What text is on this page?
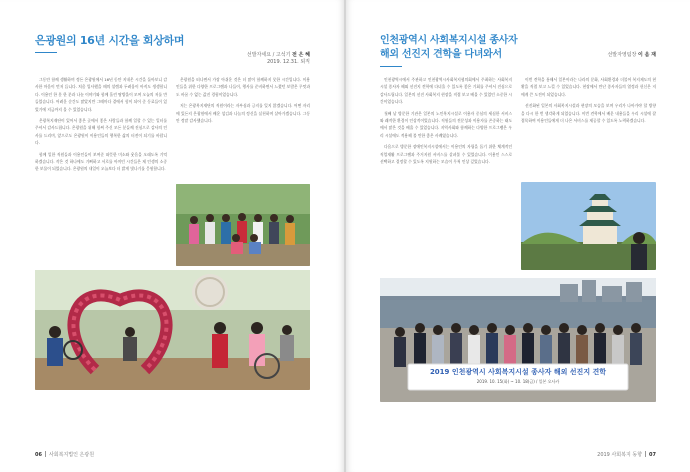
은광원의 16년 시간을 회상하며
선발자세요 / 고석기 전 은 혜
2019. 12.31. 퇴직

그동안 함께 생활하며 정든 은광원에서 16년 동안 지내온 시간을 돌아보니 감사한 마음이 먼저 듭니다. 처음 입사했을 때의 설렘과 두려움이 아직도 생생합니다. 이용인 한 분 한 분과 나눈 이야기와 함께 흘린 땀방울이 모여 오늘의 저를 만들었습니다. 어려운 순간도 많았지만 그때마다 곁에서 힘이 되어 준 동료들이 있었기에 지금까지 올 수 있었습니다.

은광복지재단이 있어서 좋은 곳에서 좋은 사람들과 함께 일할 수 있는 일터를 주셔서 감사드립니다. 은광원을 위해 힘써 주신 모든 분들께 진심으로 감사의 인사를 드리며, 앞으로도 은광원이 이용인들의 행복한 삶의 터전이 되기를 바랍니다.

함께 일한 직원들과 이용인들이 보여준 따뜻한 미소와 웃음을 오래도록 기억하겠습니다. 작은 것 하나에도 기뻐하고 서로를 아끼던 시간들은 제 인생의 소중한 보물이 되었습니다. 은광원의 내일이 오늘보다 더 밝게 빛나기를 응원합니다.

은광원을 떠나면서 가장 아쉬운 것은 더 많이 함께하지 못한 시간입니다. 이용인들을 위한 다양한 프로그램과 나들이, 행사를 준비하면서 느꼈던 보람은 무엇과도 바꿀 수 없는 값진 경험이었습니다.

저는 은광복지재단의 직원이라는 자부심과 긍지를 잊지 않겠습니다. 어떤 자리에 있든지 은광원에서 배운 섬김과 나눔의 정신을 실천하며 살아가겠습니다. 그동안 정말 감사했습니다.

06 사회복지법인 은광원
인천광역시 사회복지시설 종사자
해외 선진지 견학을 다녀와서	선발자영팀장 이 음 재

인천광역시에서 주관하고 인천광역시사회복지협의회에서 주최하는 사회복지시설 종사자 해외 선진지 견학에 다녀올 수 있도록 좋은 기회를 주셔서 진심으로 감사드립니다. 일본의 선진 사회복지 현장을 직접 보고 배울 수 있었던 소중한 시간이었습니다.

첫째 날 방문한 기관은 일본의 노인복지시설로 이용자 중심의 세심한 서비스와 쾌적한 환경이 인상적이었습니다. 직원들의 전문성과 이용자를 존중하는 태도에서 많은 것을 배울 수 있었습니다. 지역사회와 함께하는 다양한 프로그램은 우리 시설에도 적용해 볼 만한 좋은 사례였습니다.

다음으로 방문한 장애인복지시설에서는 이용인의 자립을 돕기 위한 체계적인 직업재활 프로그램과 주거지원 서비스를 살펴볼 수 있었습니다. 이용인 스스로 선택하고 결정할 수 있도록 지원하는 모습이 무척 인상 깊었습니다.

이번 견학을 통해서 일본이라는 나라의 문화, 사회환경과 더불어 복지제도의 현황을 직접 보고 느낄 수 있었습니다. 현장에서 만난 종사자들의 열정과 헌신은 저에게 큰 도전이 되었습니다.

선진화된 일본의 사회복지시설과 현장의 모습을 보며 우리가 나아가야 할 방향을 다시 한 번 생각하게 되었습니다. 이번 견학에서 배운 내용들을 우리 시설에 잘 접목하여 이용인들에게 더 나은 서비스를 제공할 수 있도록 노력하겠습니다.

2019 인천광역시 사회복지시설 종사자 해외 선진지 견학
2019. 10. 15(화) ~ 10. 18(금) / 일본 오사카
2019 사회복지 동향 07
